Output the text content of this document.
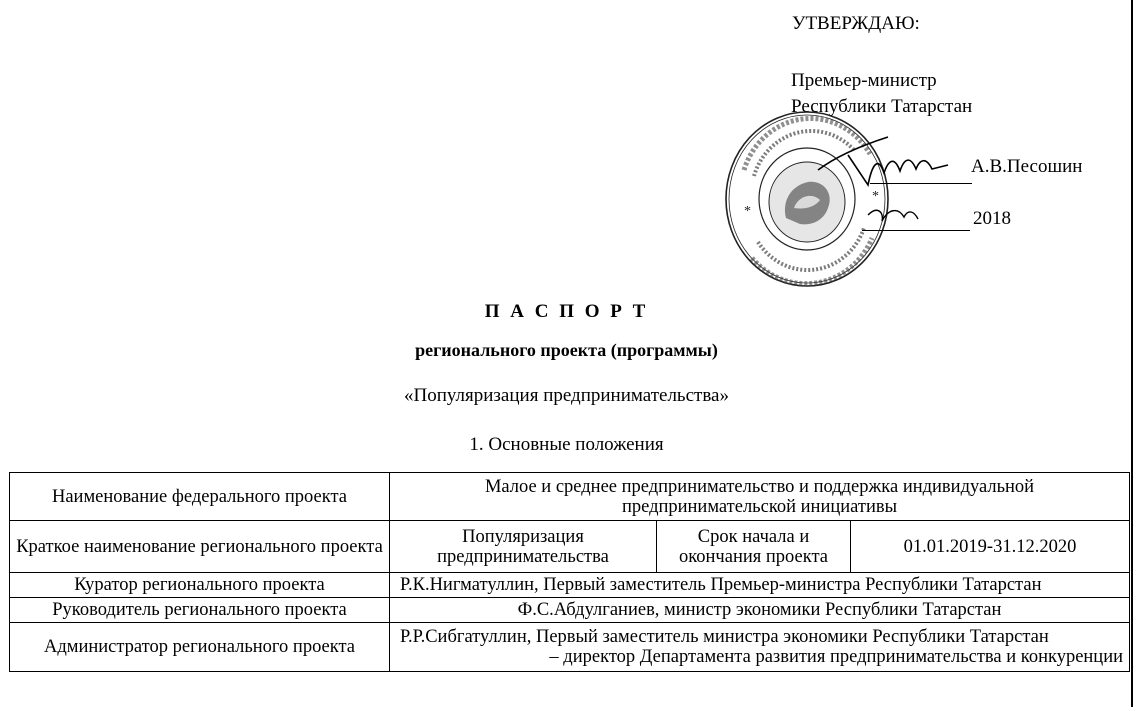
УТВЕРЖДАЮ:
Премьер-министр
Республики Татарстан
*
*
А.В.Песошин
2018
П А С П О Р Т
регионального проекта (программы)
«Популяризация предпринимательства»
1. Основные положения
Наименование федерального проекта	Малое и среднее предпринимательство и поддержка индивидуальной
предпринимательской инициативы		

Краткое наименование регионального проекта	Популяризация предпринимательства	Срок начала и окончания проекта	01.01.2019-31.12.2020
Куратор регионального проекта	Р.К.Нигматуллин, Первый заместитель Премьер-министра Республики Татарстан		
Руководитель регионального проекта	Ф.С.Абдулганиев, министр экономики Республики Татарстан		
Администратор регионального проекта	Р.Р.Сибгатуллин, Первый заместитель министра экономики Республики Татарстан
– директор Департамента развития предпринимательства и конкуренции		
